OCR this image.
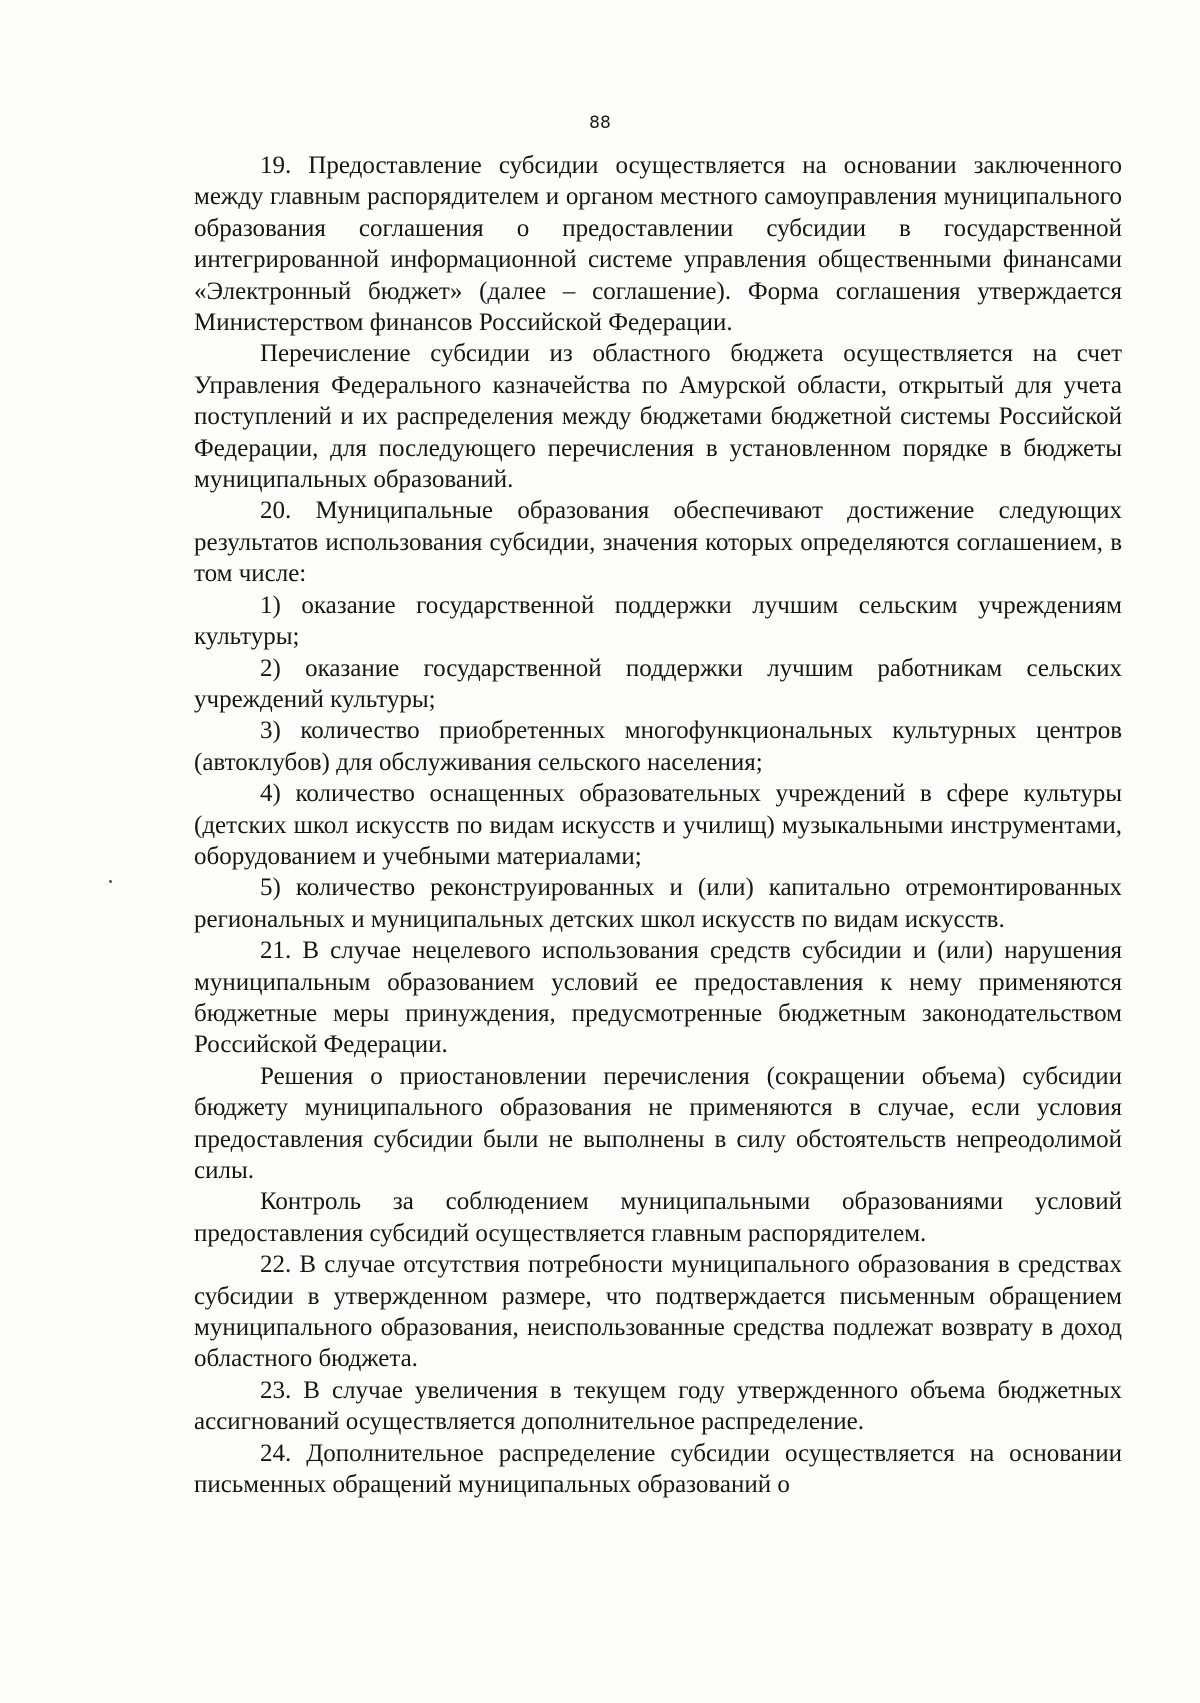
88

19. Предоставление субсидии осуществляется на основании заключенного между главным распорядителем и органом местного самоуправления муниципального образования соглашения о предоставлении субсидии в государственной интегрированной информационной системе управления общественными финансами «Электронный бюджет» (далее – соглашение). Форма соглашения утверждается Министерством финансов Российской Федерации.

Перечисление субсидии из областного бюджета осуществляется на счет Управления Федерального казначейства по Амурской области, открытый для учета поступлений и их распределения между бюджетами бюджетной системы Российской Федерации, для последующего перечисления в установленном порядке в бюджеты муниципальных образований.

20. Муниципальные образования обеспечивают достижение следующих результатов использования субсидии, значения которых определяются соглашением, в том числе:

1) оказание государственной поддержки лучшим сельским учреждениям культуры;

2) оказание государственной поддержки лучшим работникам сельских учреждений культуры;

3) количество приобретенных многофункциональных культурных центров (автоклубов) для обслуживания сельского населения;

4) количество оснащенных образовательных учреждений в сфере культуры (детских школ искусств по видам искусств и училищ) музыкальными инструментами, оборудованием и учебными материалами;

5) количество реконструированных и (или) капитально отремонтированных региональных и муниципальных детских школ искусств по видам искусств.

21. В случае нецелевого использования средств субсидии и (или) нарушения муниципальным образованием условий ее предоставления к нему применяются бюджетные меры принуждения, предусмотренные бюджетным законодательством Российской Федерации.

Решения о приостановлении перечисления (сокращении объема) субсидии бюджету муниципального образования не применяются в случае, если условия предоставления субсидии были не выполнены в силу обстоятельств непреодолимой силы.

Контроль за соблюдением муниципальными образованиями условий предоставления субсидий осуществляется главным распорядителем.

22. В случае отсутствия потребности муниципального образования в средствах субсидии в утвержденном размере, что подтверждается письменным обращением муниципального образования, неиспользованные средства подлежат возврату в доход областного бюджета.

23. В случае увеличения в текущем году утвержденного объема бюджетных ассигнований осуществляется дополнительное распределение.

24. Дополнительное распределение субсидии осуществляется на основании письменных обращений муниципальных образований о
